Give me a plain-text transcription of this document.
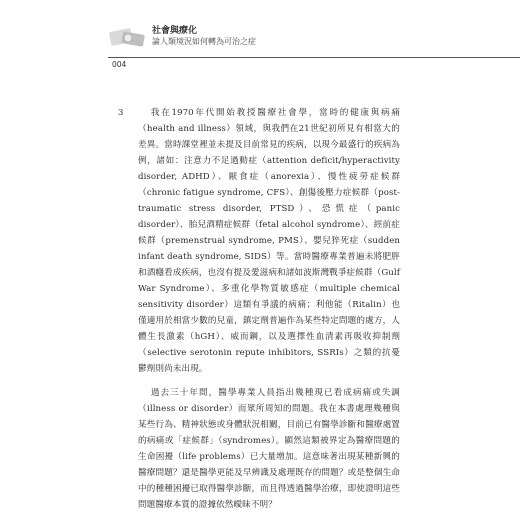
社會與療化
論人類境況如何轉為可治之症
004
3	我在1970年代開始教授醫療社會學，當時的健康與病痛（health and illness）領域，與我們在21世紀初所見有相當大的差異。當時課堂裡並未提及目前常見的疾病，以現今最盛行的疾病為例，諸如：注意力不足過動症（attention deficit/hyperactivity disorder, ADHD）、厭食症（anorexia）、慢性疲勞症候群（chronic fatigue syndrome, CFS）、創傷後壓力症候群（post-traumatic stress disorder, PTSD）、恐慌症（panic disorder）、胎兒酒精症候群（fetal alcohol syndrome）、經前症候群（premenstrual syndrome, PMS）、嬰兒猝死症（sudden infant death syndrome, SIDS）等。當時醫療專業普遍未將肥胖和酒癮看成疾病，也沒有提及愛滋病和諸如波斯灣戰爭症候群（Gulf War Syndrome）、多重化學物質敏感症（multiple chemical sensitivity disorder）這類有爭議的病痛；利他能（Ritalin）也僅適用於相當少數的兒童，鎮定劑普遍作為某些特定問題的處方，人體生長激素（hGH）、威而鋼，以及選擇性血清素再吸收抑制劑（selective serotonin repute inhibitors, SSRIs）之類的抗憂鬱劑則尚未出現。

過去三十年間，醫學專業人員指出幾種現已看成病痛或失調（illness or disorder）而眾所周知的問題。我在本書處理幾種與某些行為、精神狀態或身體狀況相關，目前已有醫學診斷和醫療處置的病痛或「症候群」（syndromes）。顯然這類被界定為醫療問題的生命困擾（life problems）已大量增加。這意味著出現某種新興的醫療問題？還是醫學更能及早辨識及處理既存的問題？或是整個生命中的種種困擾已取得醫學診斷，而且得透過醫學治療，即使證明這些問題醫療本質的證據依然曖昧不明？
